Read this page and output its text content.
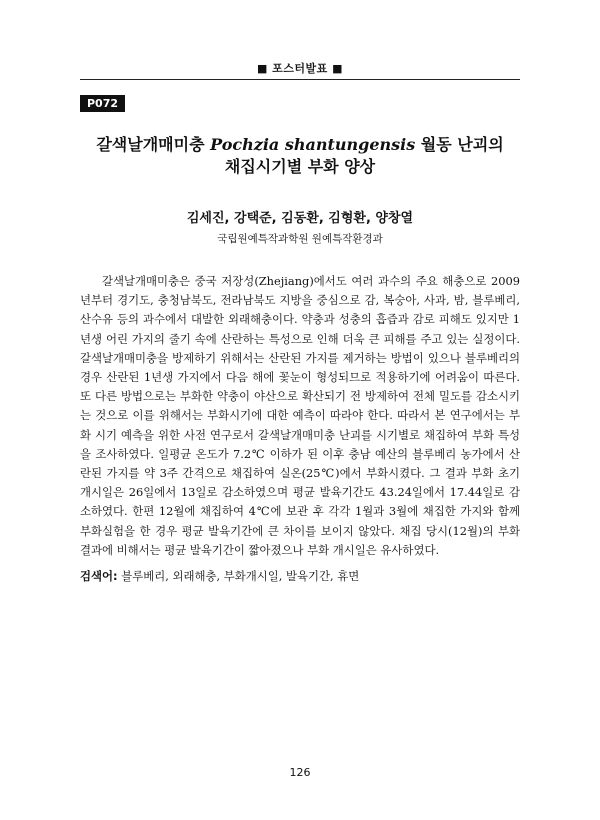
■ 포스터발표 ■
P072
갈색날개매미충 Pochzia shantungensis 월동 난괴의
채집시기별 부화 양상
김세진, 강택준, 김동환, 김형환, 양창열
국립원예특작과학원 원예특작환경과

갈색날개매미충은 중국 저장성(Zhejiang)에서도 여러 과수의 주요 해충으로 2009년부터 경기도, 충청남북도, 전라남북도 지방을 중심으로 감, 복숭아, 사과, 밤, 블루베리, 산수유 등의 과수에서 대발한 외래해충이다. 약충과 성충의 흡즙과 감로 피해도 있지만 1년생 어린 가지의 줄기 속에 산란하는 특성으로 인해 더욱 큰 피해를 주고 있는 실정이다. 갈색날개매미충을 방제하기 위해서는 산란된 가지를 제거하는 방법이 있으나 블루베리의 경우 산란된 1년생 가지에서 다음 해에 꽃눈이 형성되므로 적용하기에 어려움이 따른다. 또 다른 방법으로는 부화한 약충이 야산으로 확산되기 전 방제하여 전체 밀도를 감소시키는 것으로 이를 위해서는 부화시기에 대한 예측이 따라야 한다. 따라서 본 연구에서는 부화 시기 예측을 위한 사전 연구로서 갈색날개매미충 난괴를 시기별로 채집하여 부화 특성을 조사하였다. 일평균 온도가 7.2℃ 이하가 된 이후 충남 예산의 블루베리 농가에서 산란된 가지를 약 3주 간격으로 채집하여 실온(25℃)에서 부화시켰다. 그 결과 부화 초기 개시일은 26일에서 13일로 감소하였으며 평균 발육기간도 43.24일에서 17.44일로 감소하였다. 한편 12월에 채집하여 4℃에 보관 후 각각 1월과 3월에 채집한 가지와 함께 부화실험을 한 경우 평균 발육기간에 큰 차이를 보이지 않았다. 채집 당시(12월)의 부화 결과에 비해서는 평균 발육기간이 짧아졌으나 부화 개시일은 유사하였다.

검색어: 블루베리, 외래해충, 부화개시일, 발육기간, 휴면
126
